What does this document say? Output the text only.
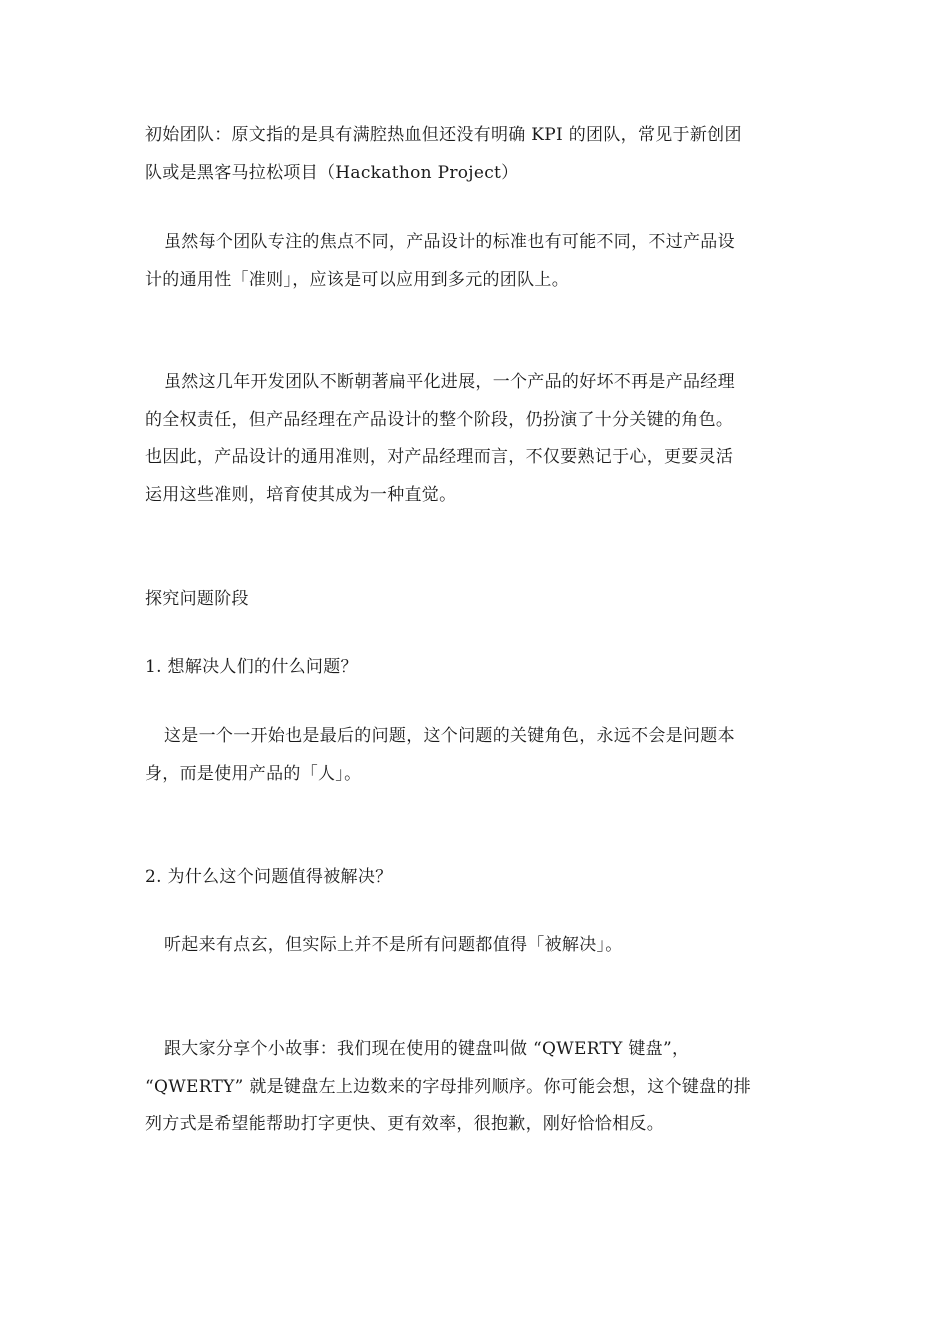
初始团队：原文指的是具有满腔热血但还没有明确 KPI 的团队，常见于新创团
队或是黑客马拉松项目（Hackathon Project）

虽然每个团队专注的焦点不同，产品设计的标准也有可能不同，不过产品设
计的通用性「准则」，应该是可以应用到多元的团队上。

虽然这几年开发团队不断朝著扁平化进展，一个产品的好坏不再是产品经理
的全权责任，但产品经理在产品设计的整个阶段，仍扮演了十分关键的角色。
也因此，产品设计的通用准则，对产品经理而言，不仅要熟记于心，更要灵活
运用这些准则，培育使其成为一种直觉。

探究问题阶段

1. 想解决人们的什么问题？

这是一个一开始也是最后的问题，这个问题的关键角色，永远不会是问题本
身，而是使用产品的「人」。

2. 为什么这个问题值得被解决？

听起来有点玄，但实际上并不是所有问题都值得「被解决」。

跟大家分享个小故事：我们现在使用的键盘叫做 “QWERTY 键盘”，
“QWERTY” 就是键盘左上边数来的字母排列顺序。你可能会想，这个键盘的排
列方式是希望能帮助打字更快、更有效率，很抱歉，刚好恰恰相反。
